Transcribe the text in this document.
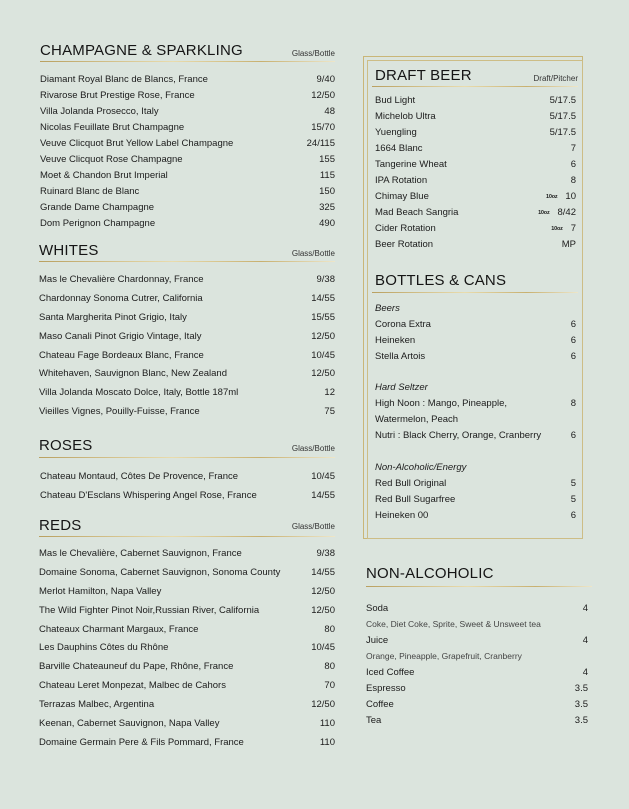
CHAMPAGNE & SPARKLING	Glass/Bottle
Diamant Royal Blanc de Blancs, France	9/40
Rivarose Brut Prestige Rose, France	12/50
Villa Jolanda Prosecco, Italy	48
Nicolas Feuillate Brut Champagne	15/70
Veuve Clicquot Brut Yellow Label Champagne	24/115
Veuve Clicquot Rose Champagne	155
Moet & Chandon Brut Imperial	115
Ruinard Blanc de Blanc	150
Grande Dame Champagne	325
Dom Perignon Champagne	490
WHITES	Glass/Bottle
Mas le Chevalière Chardonnay, France	9/38
Chardonnay Sonoma Cutrer, California	14/55
Santa Margherita Pinot Grigio, Italy	15/55
Maso Canali Pinot Grigio Vintage, Italy	12/50
Chateau Fage Bordeaux Blanc, France	10/45
Whitehaven, Sauvignon Blanc, New Zealand	12/50
Villa Jolanda Moscato Dolce, Italy, Bottle 187ml	12
Vieilles Vignes, Pouilly-Fuisse, France	75
ROSES	Glass/Bottle
Chateau Montaud, Côtes De Provence, France	10/45
Chateau D'Esclans Whispering Angel Rose, France	14/55
REDS	Glass/Bottle
Mas le Chevalière, Cabernet Sauvignon, France	9/38
Domaine Sonoma, Cabernet Sauvignon, Sonoma County	14/55
Merlot Hamilton, Napa Valley	12/50
The Wild Fighter Pinot Noir,Russian River, California	12/50
Chateaux Charmant Margaux, France	80
Les Dauphins Côtes du Rhône	10/45
Barville Chateauneuf du Pape, Rhône, France	80
Chateau Leret Monpezat, Malbec de Cahors	70
Terrazas Malbec, Argentina	12/50
Keenan, Cabernet Sauvignon, Napa Valley	110
Domaine Germain Pere & Fils Pommard, France	110
DRAFT BEER	Draft/Pitcher
Bud Light	5/17.5
Michelob Ultra	5/17.5
Yuengling	5/17.5
1664 Blanc	7
Tangerine Wheat	6
IPA Rotation	8
Chimay Blue	10oz 10
Mad Beach Sangria	10oz 8/42
Cider Rotation	10oz 7
Beer Rotation	MP
BOTTLES & CANS
Beers
Corona Extra	6
Heineken	6
Stella Artois	6
Hard Seltzer
High Noon : Mango, Pineapple,	8
Watermelon, Peach
Nutri : Black Cherry, Orange, Cranberry	6
Non-Alcoholic/Energy
Red Bull Original	5
Red Bull Sugarfree	5
Heineken 00	6
NON-ALCOHOLIC
Soda	4
Coke, Diet Coke, Sprite, Sweet & Unsweet tea
Juice	4
Orange, Pineapple, Grapefruit, Cranberry
Iced Coffee	4
Espresso	3.5
Coffee	3.5
Tea	3.5
